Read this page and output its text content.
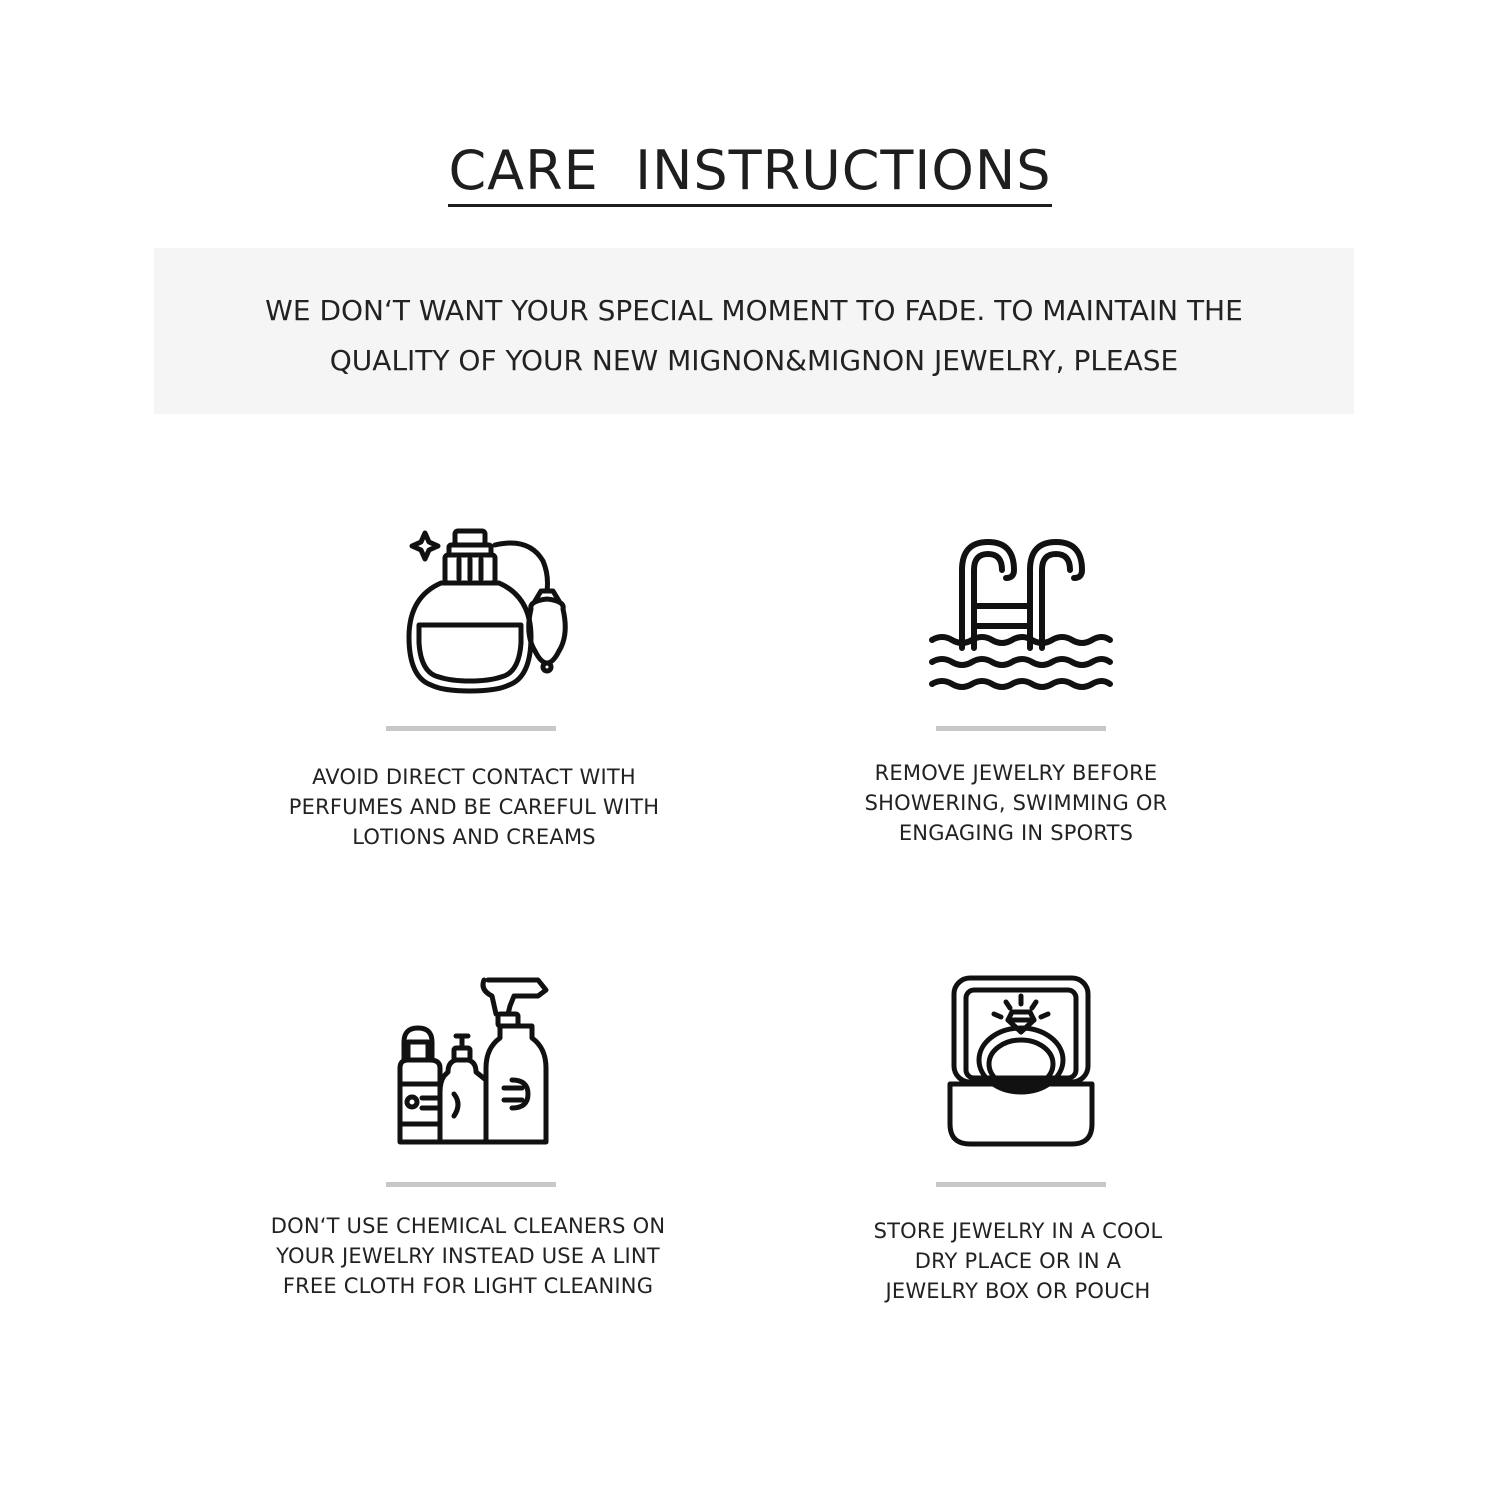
CARE  INSTRUCTIONS

WE DON‘T WANT YOUR SPECIAL MOMENT TO FADE. TO MAINTAIN THE

QUALITY OF YOUR NEW MIGNON&MIGNON JEWELRY, PLEASE

AVOID DIRECT CONTACT WITH

PERFUMES AND BE CAREFUL WITH

LOTIONS AND CREAMS

REMOVE JEWELRY BEFORE

SHOWERING, SWIMMING OR

ENGAGING IN SPORTS

DON‘T USE CHEMICAL CLEANERS ON

YOUR JEWELRY INSTEAD USE A LINT

FREE CLOTH FOR LIGHT CLEANING

STORE JEWELRY IN A COOL

DRY PLACE OR IN A

JEWELRY BOX OR POUCH
